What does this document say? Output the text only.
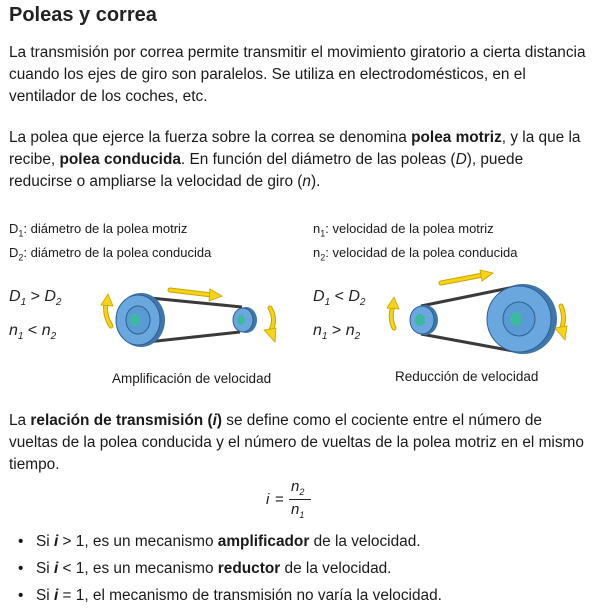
Poleas y correa

La transmisión por correa permite transmitir el movimiento giratorio a cierta distancia cuando los ejes de giro son paralelos. Se utiliza en electrodomésticos, en el ventilador de los coches, etc.

La polea que ejerce la fuerza sobre la correa se denomina polea motriz, y la que la recibe, polea conducida. En función del diámetro de las poleas (D), puede reducirse o ampliarse la velocidad de giro (n).

$D_1$: diámetro de la polea motriz
$D_2$: diámetro de la polea conducida
$n_1$: velocidad de la polea motriz
$n_2$: velocidad de la polea conducida
$D_1 > D_2$
$n_1 < n_2$
$D_1 < D_2$
$n_1 > n_2$
Amplificación de velocidad	Reducción de velocidad

La relación de transmisión (i) se define como el cociente entre el número de vueltas de la polea conducida y el número de vueltas de la polea motriz en el mismo tiempo.

i =
$n_2$
$n_1$
• Si i > 1, es un mecanismo amplificador de la velocidad.
• Si i < 1, es un mecanismo reductor de la velocidad.
• Si i = 1, el mecanismo de transmisión no varía la velocidad.
